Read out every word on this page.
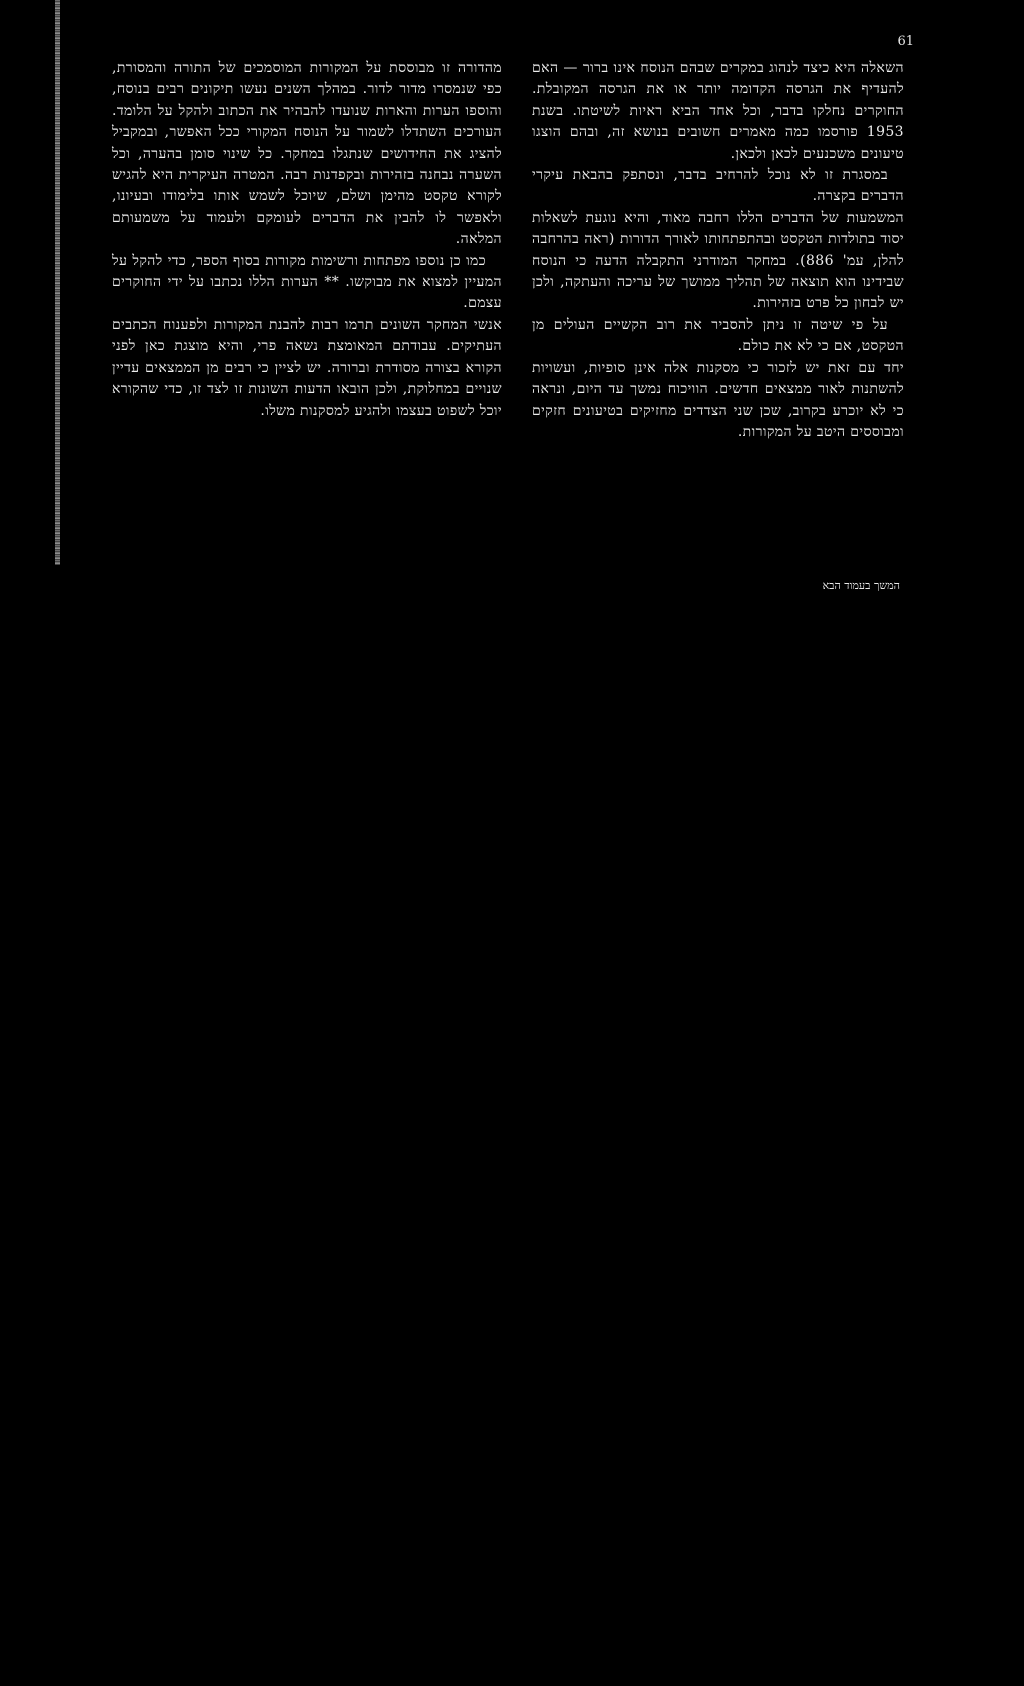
61

מהדורה זו מבוססת על המקורות המוסמכים של התורה והמסורת, כפי שנמסרו מדור לדור. במהלך השנים נעשו תיקונים רבים בנוסח, והוספו הערות והארות שנועדו להבהיר את הכתוב ולהקל על הלומד. העורכים השתדלו לשמור על הנוסח המקורי ככל האפשר, ובמקביל להציג את החידושים שנתגלו במחקר. כל שינוי סומן בהערה, וכל השערה נבחנה בזהירות ובקפדנות רבה. המטרה העיקרית היא להגיש לקורא טקסט מהימן ושלם, שיוכל לשמש אותו בלימודו ובעיונו, ולאפשר לו להבין את הדברים לעומקם ולעמוד על משמעותם המלאה.

כמו כן נוספו מפתחות ורשימות מקורות בסוף הספר, כדי להקל על המעיין למצוא את מבוקשו. ** הערות הללו נכתבו על ידי החוקרים עצמם.

אנשי המחקר השונים תרמו רבות להבנת המקורות ולפענוח הכתבים העתיקים. עבודתם המאומצת נשאה פרי, והיא מוצגת כאן לפני הקורא בצורה מסודרת וברורה. יש לציין כי רבים מן הממצאים עדיין שנויים במחלוקת, ולכן הובאו הדעות השונות זו לצד זו, כדי שהקורא יוכל לשפוט בעצמו ולהגיע למסקנות משלו.

השאלה היא כיצד לנהוג במקרים שבהם הנוסח אינו ברור — האם להעדיף את הגרסה הקדומה יותר או את הגרסה המקובלת. החוקרים נחלקו בדבר, וכל אחד הביא ראיות לשיטתו. בשנת 1953 פורסמו כמה מאמרים חשובים בנושא זה, ובהם הוצגו טיעונים משכנעים לכאן ולכאן.

במסגרת זו לא נוכל להרחיב בדבר, ונסתפק בהבאת עיקרי הדברים בקצרה.

המשמעות של הדברים הללו רחבה מאוד, והיא נוגעת לשאלות יסוד בתולדות הטקסט ובהתפתחותו לאורך הדורות (ראה בהרחבה להלן, עמ' 886). במחקר המודרני התקבלה הדעה כי הנוסח שבידינו הוא תוצאה של תהליך ממושך של עריכה והעתקה, ולכן יש לבחון כל פרט בזהירות.

על פי שיטה זו ניתן להסביר את רוב הקשיים העולים מן הטקסט, אם כי לא את כולם.

יחד עם זאת יש לזכור כי מסקנות אלה אינן סופיות, ועשויות להשתנות לאור ממצאים חדשים. הוויכוח נמשך עד היום, ונראה כי לא יוכרע בקרוב, שכן שני הצדדים מחזיקים בטיעונים חזקים ומבוססים היטב על המקורות.

המשך בעמוד הבא
